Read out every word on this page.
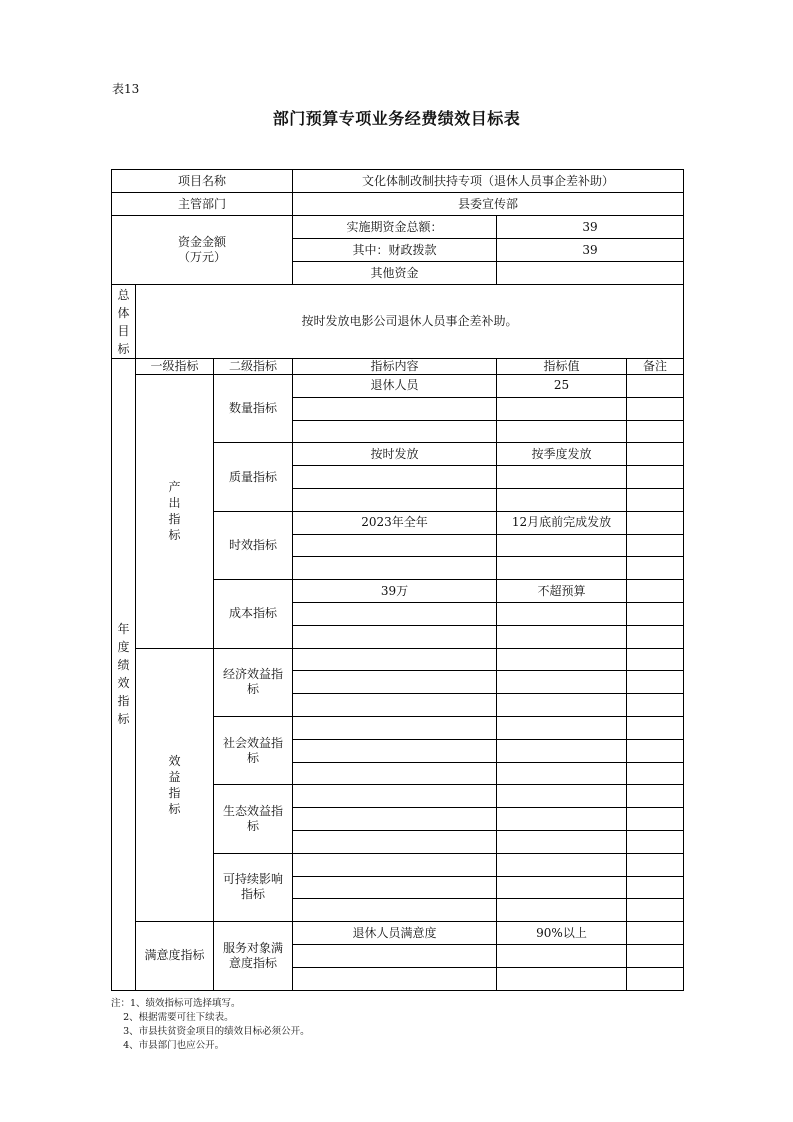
表13
部门预算专项业务经费绩效目标表
项目名称			文化体制改制扶持专项（退休人员事企差补助）		
主管部门			县委宣传部		

资金金额
（万元）			实施期资金总额：	39	
			其中：财政拨款	39	
			其他资金		

总体目标	按时发放电影公司退休人员事企差补助。				

年度绩效指标	一级指标	二级指标	指标内容	指标值	备注

	产出指标	数量指标	退休人员	25	

		质量指标	按时发放	按季度发放	

		时效指标	2023年全年	12月底前完成发放	

		成本指标	39万	不超预算	

	效益指标	经济效益指标			

		社会效益指标			

		生态效益指标			

		可持续影响指标			

	满意度指标	服务对象满意度指标	退休人员满意度	90%以上	

注：1、绩效指标可选择填写。
2、根据需要可往下续表。
3、市县扶贫资金项目的绩效目标必须公开。
4、市县部门也应公开。
